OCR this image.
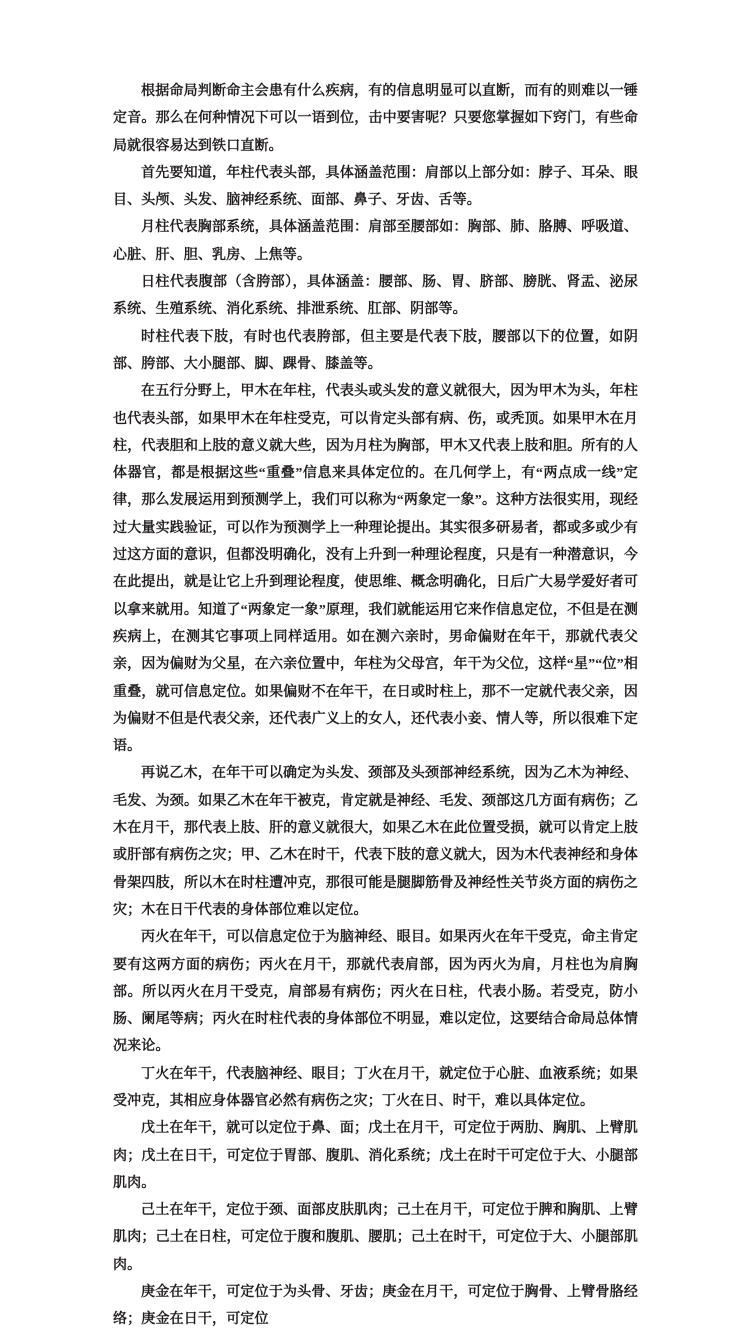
根据命局判断命主会患有什么疾病，有的信息明显可以直断，而有的则难以一锤定音。那么在何种情况下可以一语到位，击中要害呢？只要您掌握如下窍门，有些命局就很容易达到铁口直断。

首先要知道，年柱代表头部，具体涵盖范围：肩部以上部分如：脖子、耳朵、眼目、头颅、头发、脑神经系统、面部、鼻子、牙齿、舌等。

月柱代表胸部系统，具体涵盖范围：肩部至腰部如：胸部、肺、胳膊、呼吸道、心脏、肝、胆、乳房、上焦等。

日柱代表腹部（含胯部），具体涵盖：腰部、肠、胃、脐部、膀胱、肾盂、泌尿系统、生殖系统、消化系统、排泄系统、肛部、阴部等。

时柱代表下肢，有时也代表胯部，但主要是代表下肢，腰部以下的位置，如阴部、胯部、大小腿部、脚、踝骨、膝盖等。

在五行分野上，甲木在年柱，代表头或头发的意义就很大，因为甲木为头，年柱也代表头部，如果甲木在年柱受克，可以肯定头部有病、伤，或秃顶。如果甲木在月柱，代表胆和上肢的意义就大些，因为月柱为胸部，甲木又代表上肢和胆。所有的人体器官，都是根据这些“重叠”信息来具体定位的。在几何学上，有“两点成一线”定律，那么发展运用到预测学上，我们可以称为“两象定一象”。这种方法很实用，现经过大量实践验证，可以作为预测学上一种理论提出。其实很多研易者，都或多或少有过这方面的意识，但都没明确化，没有上升到一种理论程度，只是有一种潜意识，今在此提出，就是让它上升到理论程度，使思维、概念明确化，日后广大易学爱好者可以拿来就用。知道了“两象定一象”原理，我们就能运用它来作信息定位，不但是在测疾病上，在测其它事项上同样适用。如在测六亲时，男命偏财在年干，那就代表父亲，因为偏财为父星，在六亲位置中，年柱为父母宫，年干为父位，这样“星”“位”相重叠，就可信息定位。如果偏财不在年干，在日或时柱上，那不一定就代表父亲，因为偏财不但是代表父亲，还代表广义上的女人，还代表小妾、情人等，所以很难下定语。

再说乙木，在年干可以确定为头发、颈部及头颈部神经系统，因为乙木为神经、毛发、为颈。如果乙木在年干被克，肯定就是神经、毛发、颈部这几方面有病伤；乙木在月干，那代表上肢、肝的意义就很大，如果乙木在此位置受损，就可以肯定上肢或肝部有病伤之灾；甲、乙木在时干，代表下肢的意义就大，因为木代表神经和身体骨架四肢，所以木在时柱遭冲克，那很可能是腿脚筋骨及神经性关节炎方面的病伤之灾；木在日干代表的身体部位难以定位。

丙火在年干，可以信息定位于为脑神经、眼目。如果丙火在年干受克，命主肯定要有这两方面的病伤；丙火在月干，那就代表肩部，因为丙火为肩，月柱也为肩胸部。所以丙火在月干受克，肩部易有病伤；丙火在日柱，代表小肠。若受克，防小肠、阑尾等病；丙火在时柱代表的身体部位不明显，难以定位，这要结合命局总体情况来论。

丁火在年干，代表脑神经、眼目；丁火在月干，就定位于心脏、血液系统；如果受冲克，其相应身体器官必然有病伤之灾；丁火在日、时干，难以具体定位。

戊土在年干，就可以定位于鼻、面；戊土在月干，可定位于两肋、胸肌、上臂肌肉；戊土在日干，可定位于胃部、腹肌、消化系统；戊土在时干可定位于大、小腿部肌肉。

己土在年干，定位于颈、面部皮肤肌肉；己土在月干，可定位于脾和胸肌、上臂肌肉；己土在日柱，可定位于腹和腹肌、腰肌；己土在时干，可定位于大、小腿部肌肉。

庚金在年干，可定位于为头骨、牙齿；庚金在月干，可定位于胸骨、上臂骨胳经络；庚金在日干，可定位
